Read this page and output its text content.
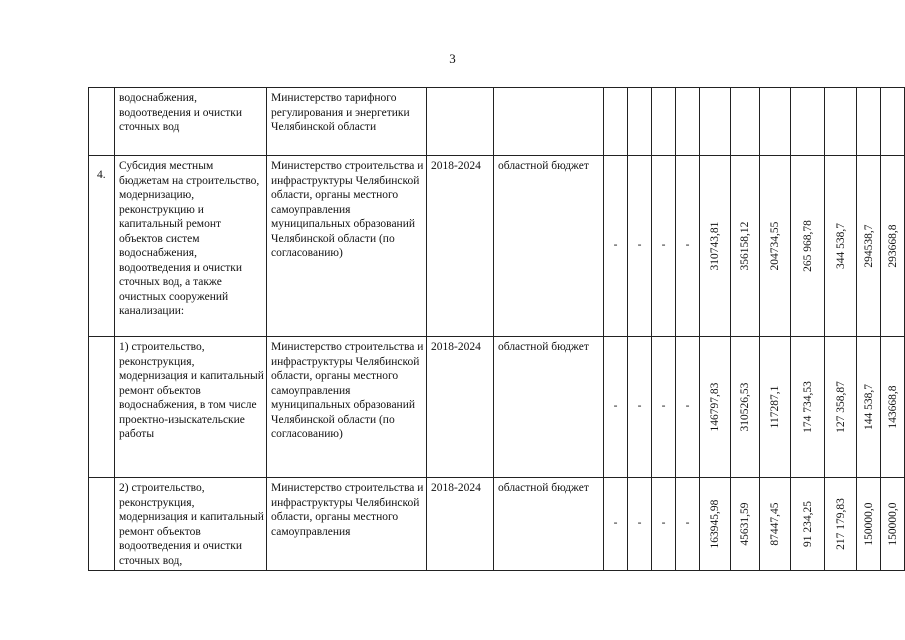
3

	водоснабжения, водоотведения и очистки сточных вод	Министерство тарифного регулирования и энергетики Челябинской области													

4.	Субсидия местным бюджетам на строительство, модернизацию, реконструкцию и капитальный ремонт объектов систем водоснабжения, водоотведения и очистки сточных вод, а также очистных сооружений канализации:	Министерство строительства и инфраструктуры Челябинской области, органы местного самоуправления муниципальных образований Челябинской области (по согласованию)	2018-2024	областной бюджет	-	-	-	-	310743,81	356158,12	204734,55	265 968,78	344 538,7	294538,7	293668,8

	1) строительство, реконструкция, модернизация и капитальный ремонт объектов водоснабжения, в том числе проектно-изыскательские работы	Министерство строительства и инфраструктуры Челябинской области, органы местного самоуправления муниципальных образований Челябинской области (по согласованию)	2018-2024	областной бюджет	-	-	-	-	146797,83	310526,53	117287,1	174 734,53	127 358,87	144 538,7	143668,8

	2) строительство, реконструкция, модернизация и капитальный ремонт объектов водоотведения и очистки сточных вод,	Министерство строительства и инфраструктуры Челябинской области, органы местного самоуправления	2018-2024	областной бюджет	-	-	-	-	163945,98	45631,59	87447,45	91 234,25	217 179,83	150000,0	150000,0
